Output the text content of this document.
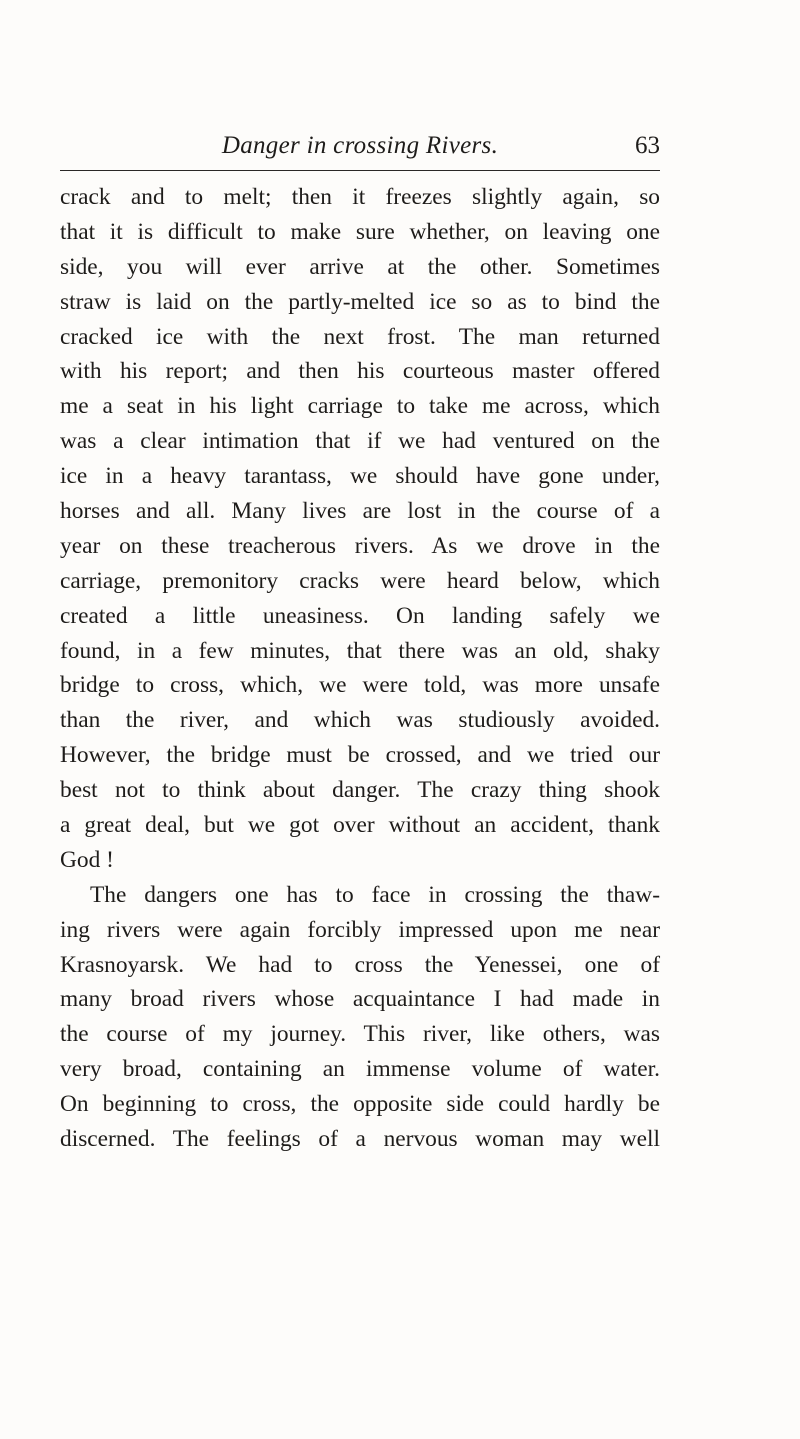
Danger in crossing Rivers.	63
crack and to melt; then it freezes slightly again, so
that it is difficult to make sure whether, on leaving one
side, you will ever arrive at the other. Sometimes
straw is laid on the partly-melted ice so as to bind the
cracked ice with the next frost. The man returned
with his report; and then his courteous master offered
me a seat in his light carriage to take me across, which
was a clear intimation that if we had ventured on the
ice in a heavy tarantass, we should have gone under,
horses and all. Many lives are lost in the course of a
year on these treacherous rivers. As we drove in the
carriage, premonitory cracks were heard below, which
created a little uneasiness. On landing safely we
found, in a few minutes, that there was an old, shaky
bridge to cross, which, we were told, was more unsafe
than the river, and which was studiously avoided.
However, the bridge must be crossed, and we tried our
best not to think about danger. The crazy thing shook
a great deal, but we got over without an accident, thank
God !
The dangers one has to face in crossing the thaw-
ing rivers were again forcibly impressed upon me near
Krasnoyarsk. We had to cross the Yenessei, one of
many broad rivers whose acquaintance I had made in
the course of my journey. This river, like others, was
very broad, containing an immense volume of water.
On beginning to cross, the opposite side could hardly be
discerned. The feelings of a nervous woman may well
